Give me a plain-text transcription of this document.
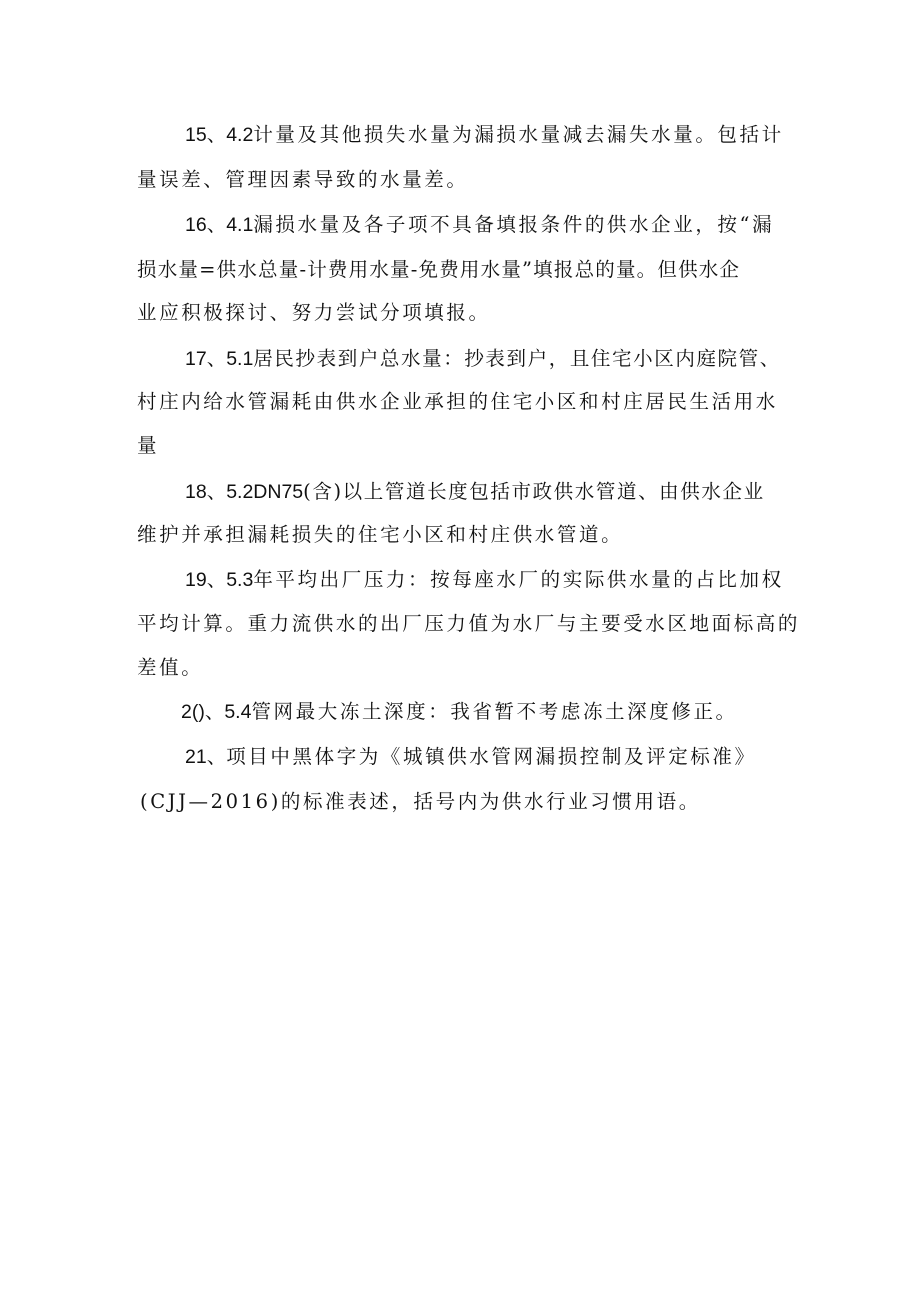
15、4.2计量及其他损失水量为漏损水量减去漏失水量。包括计
量误差、管理因素导致的水量差。
16、4.1漏损水量及各子项不具备填报条件的供水企业，按“漏
损水量=供水总量-计费用水量-免费用水量”填报总的量。但供水企
业应积极探讨、努力尝试分项填报。
17、5.1居民抄表到户总水量：抄表到户，且住宅小区内庭院管、
村庄内给水管漏耗由供水企业承担的住宅小区和村庄居民生活用水
量
18、5.2DN75(含)以上管道长度包括市政供水管道、由供水企业
维护并承担漏耗损失的住宅小区和村庄供水管道。
19、5.3年平均出厂压力：按每座水厂的实际供水量的占比加权
平均计算。重力流供水的出厂压力值为水厂与主要受水区地面标高的
差值。
2()、5.4管网最大冻土深度：我省暂不考虑冻土深度修正。
21、项目中黑体字为《城镇供水管网漏损控制及评定标准》
(CJJ—2016)的标准表述，括号内为供水行业习惯用语。
